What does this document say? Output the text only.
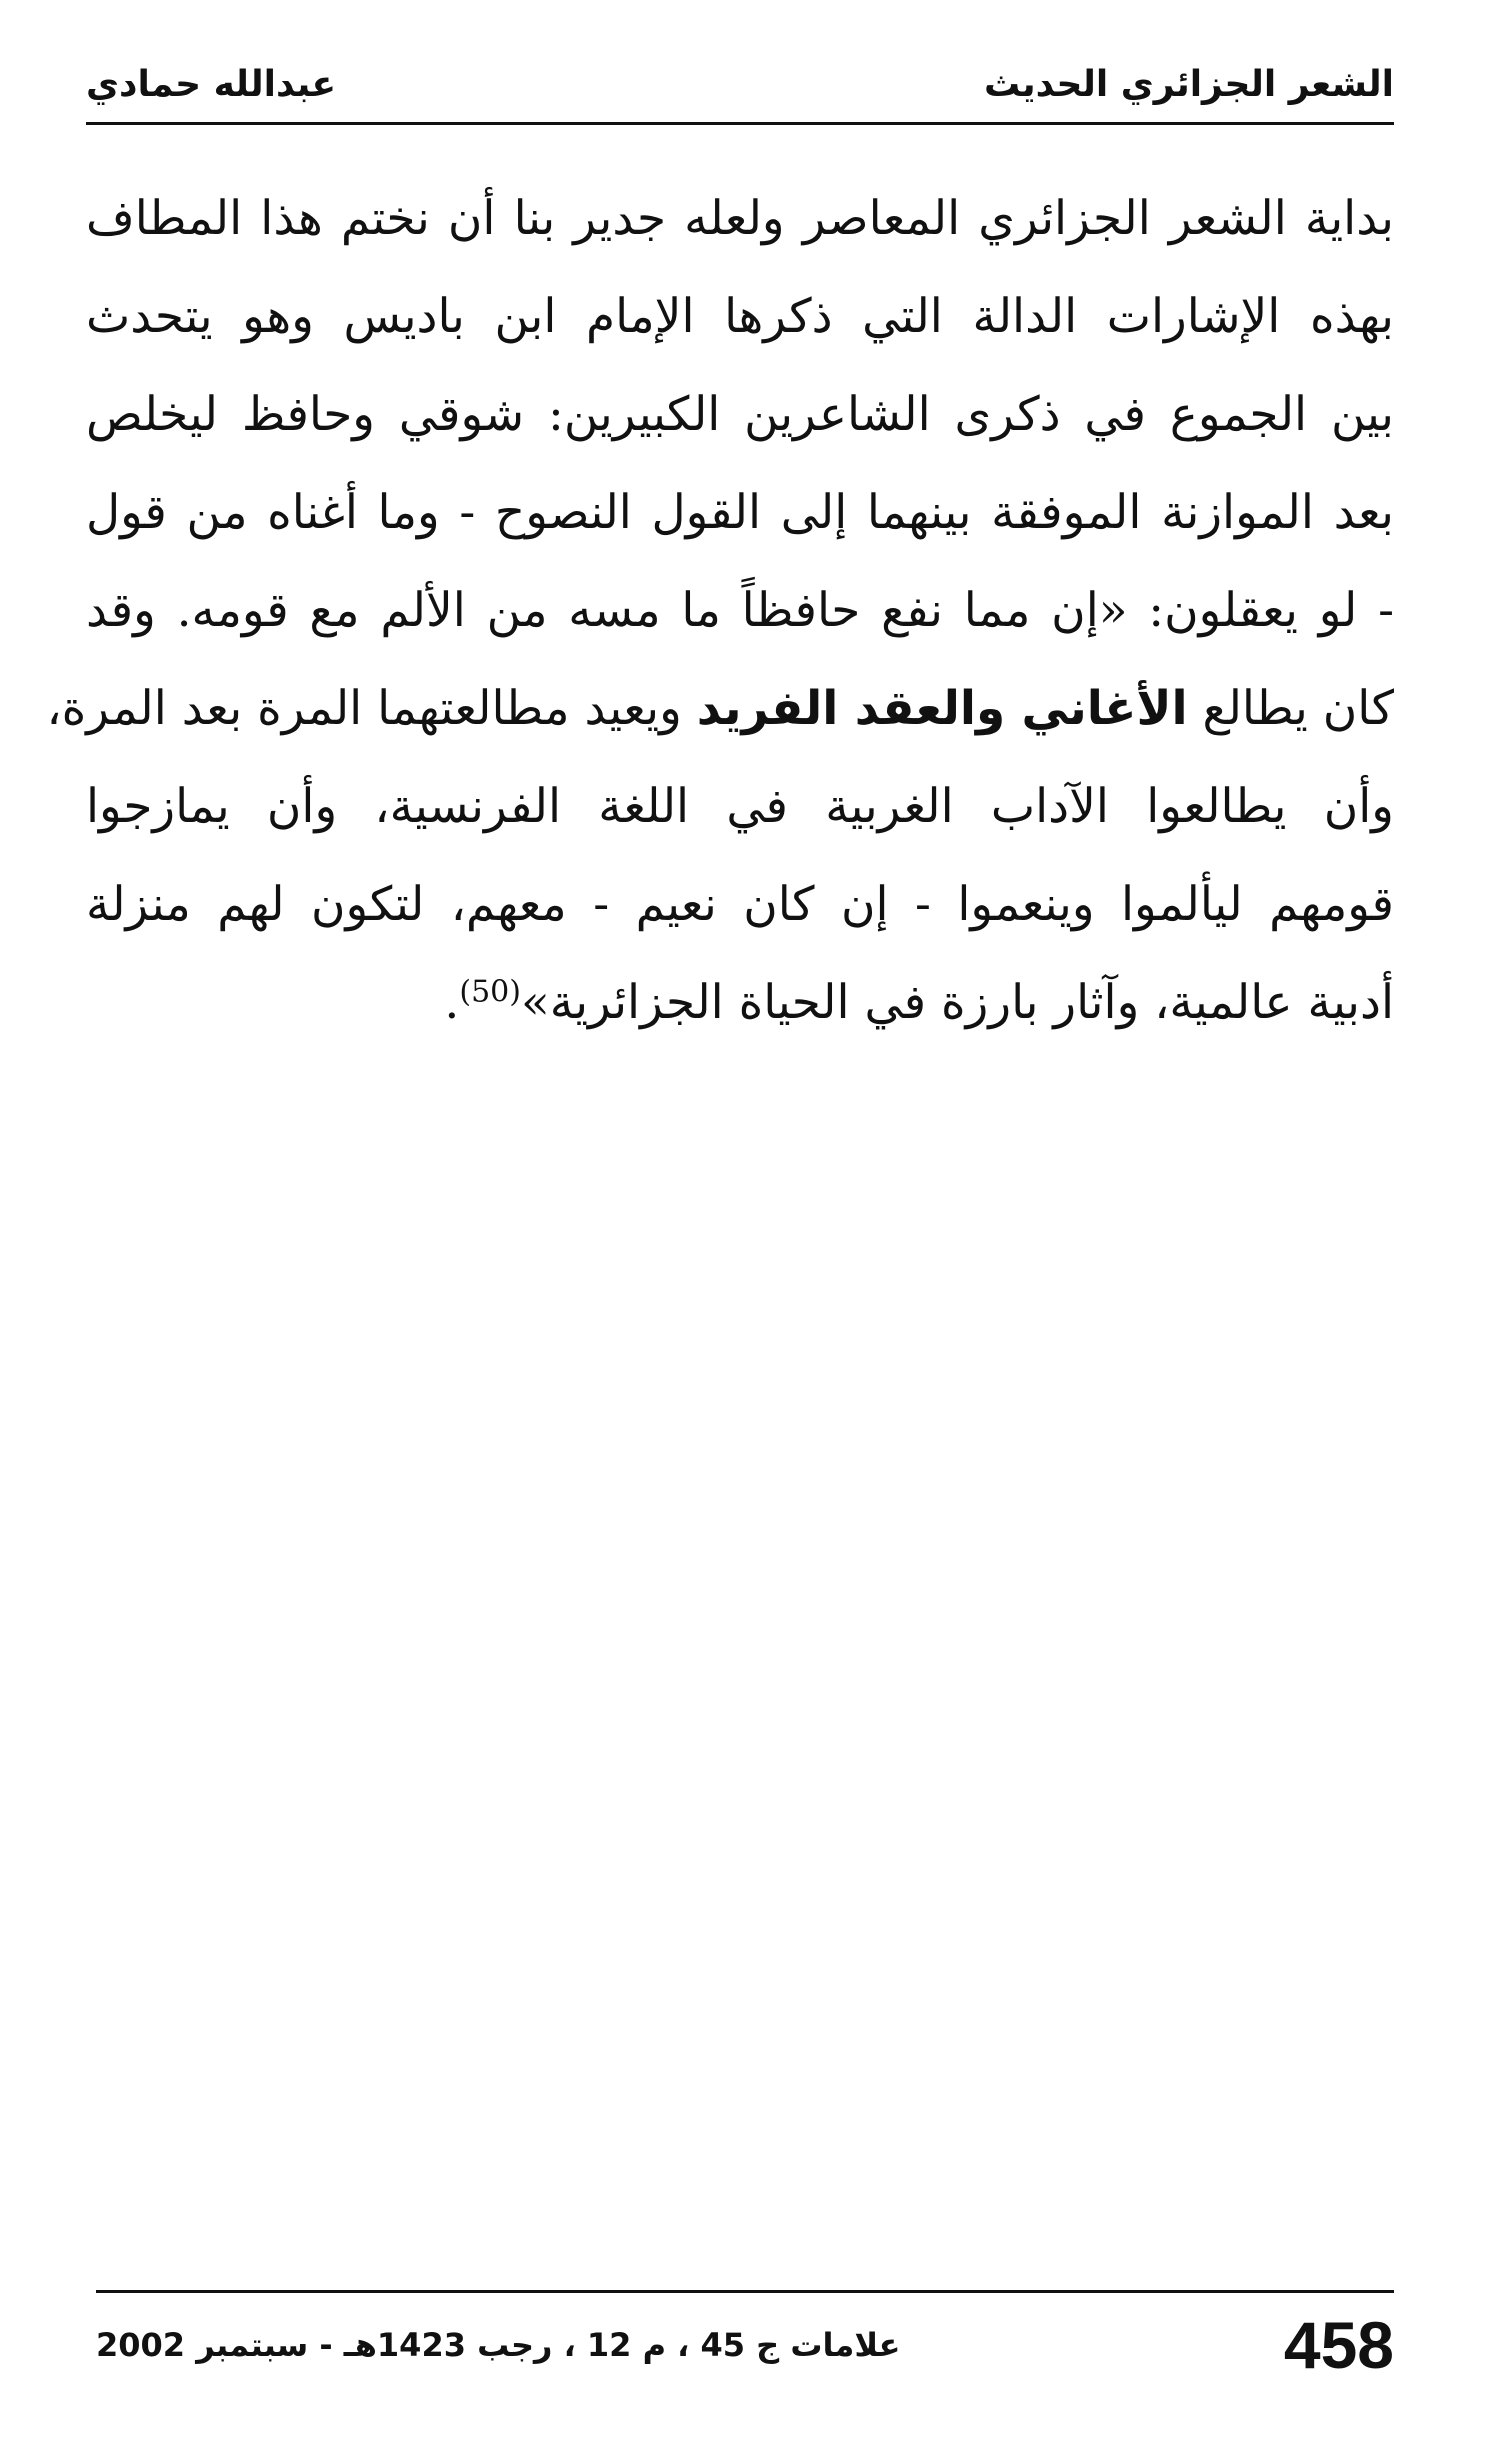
الشعر الجزائري الحديث
عبدالله حمادي
بداية الشعر الجزائري المعاصر ولعله جدير بنا أن نختم هذا المطاف
بهذه الإشارات الدالة التي ذكرها الإمام ابن باديس وهو يتحدث
بين الجموع في ذكرى الشاعرين الكبيرين: شوقي وحافظ ليخلص
بعد الموازنة الموفقة بينهما إلى القول النصوح - وما أغناه من قول
- لو يعقلون: «إن مما نفع حافظاً ما مسه من الألم مع قومه. وقد
كان يطالع الأغاني والعقد الفريد ويعيد مطالعتهما المرة بعد المرة،
وأن يطالعوا الآداب الغربية في اللغة الفرنسية، وأن يمازجوا
قومهم ليألموا وينعموا - إن كان نعيم - معهم، لتكون لهم منزلة
أدبية عالمية، وآثار بارزة في الحياة الجزائرية»$^{(50)}$.
458
علامات ج 45 ، م 12 ، رجب 1423هـ - سبتمبر 2002
